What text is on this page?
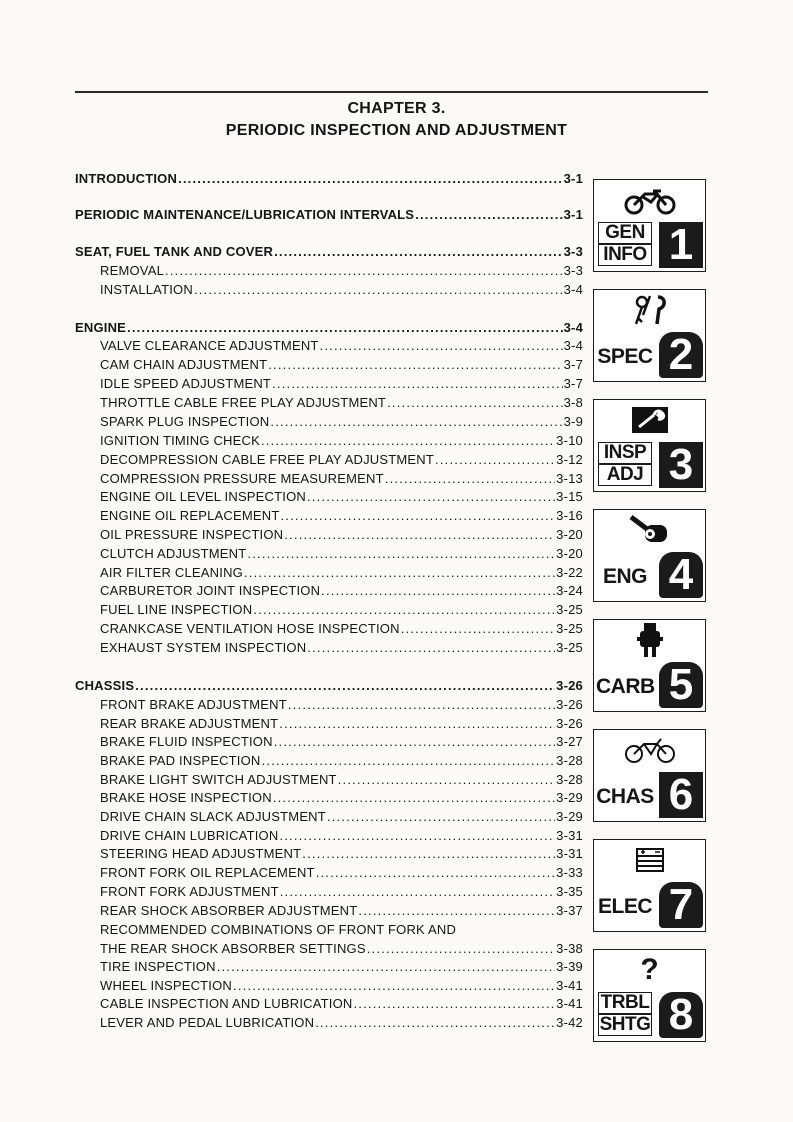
CHAPTER 3.
PERIODIC INSPECTION AND ADJUSTMENT
INTRODUCTION .....	3-1
PERIODIC MAINTENANCE/LUBRICATION INTERVALS .....	3-1
SEAT, FUEL TANK AND COVER .....	3-3
REMOVAL .....	3-3
INSTALLATION .....	3-4
ENGINE .....	3-4
VALVE CLEARANCE ADJUSTMENT .....	3-4
CAM CHAIN ADJUSTMENT .....	3-7
IDLE SPEED ADJUSTMENT .....	3-7
THROTTLE CABLE FREE PLAY ADJUSTMENT .....	3-8
SPARK PLUG INSPECTION .....	3-9
IGNITION TIMING CHECK .....	3-10
DECOMPRESSION CABLE FREE PLAY ADJUSTMENT .....	3-12
COMPRESSION PRESSURE MEASUREMENT .....	3-13
ENGINE OIL LEVEL INSPECTION .....	3-15
ENGINE OIL REPLACEMENT .....	3-16
OIL PRESSURE INSPECTION .....	3-20
CLUTCH ADJUSTMENT .....	3-20
AIR FILTER CLEANING .....	3-22
CARBURETOR JOINT INSPECTION .....	3-24
FUEL LINE INSPECTION .....	3-25
CRANKCASE VENTILATION HOSE INSPECTION .....	3-25
EXHAUST SYSTEM INSPECTION .....	3-25
CHASSIS .....	3-26
FRONT BRAKE ADJUSTMENT .....	3-26
REAR BRAKE ADJUSTMENT .....	3-26
BRAKE FLUID INSPECTION .....	3-27
BRAKE PAD INSPECTION .....	3-28
BRAKE LIGHT SWITCH ADJUSTMENT .....	3-28
BRAKE HOSE INSPECTION .....	3-29
DRIVE CHAIN SLACK ADJUSTMENT .....	3-29
DRIVE CHAIN LUBRICATION .....	3-31
STEERING HEAD ADJUSTMENT .....	3-31
FRONT FORK OIL REPLACEMENT .....	3-33
FRONT FORK ADJUSTMENT .....	3-35
REAR SHOCK ABSORBER ADJUSTMENT .....	3-37
RECOMMENDED COMBINATIONS OF FRONT FORK AND
THE REAR SHOCK ABSORBER SETTINGS .....	3-38
TIRE INSPECTION .....	3-39
WHEEL INSPECTION .....	3-41
CABLE INSPECTION AND LUBRICATION .....	3-41
LEVER AND PEDAL LUBRICATION .....	3-42
GEN
INFO 1
SPEC 2
INSP
ADJ 3
ENG 4
CARB 5
CHAS 6
ELEC 7
?
TRBL
SHTG 8
